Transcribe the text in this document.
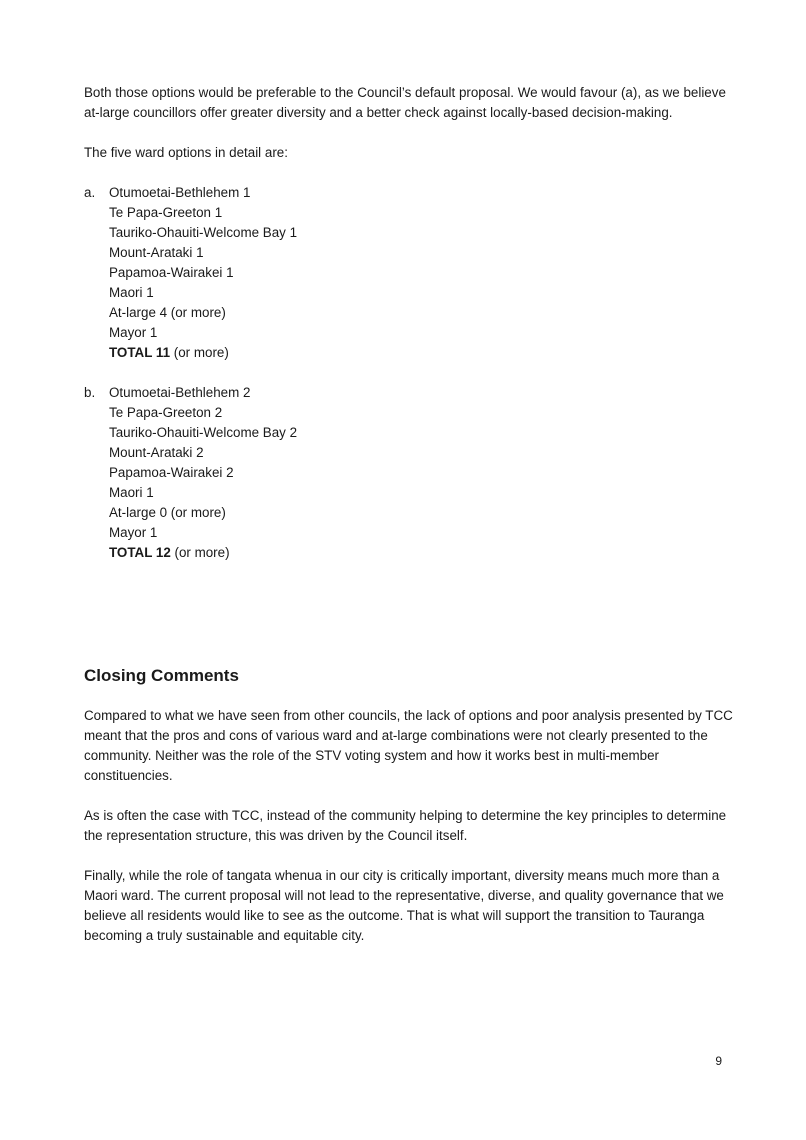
Both those options would be preferable to the Council’s default proposal. We would favour (a), as we believe at-large councillors offer greater diversity and a better check against locally-based decision-making.

The five ward options in detail are:

a.	Otumoetai-Bethlehem 1
Te Papa-Greeton 1
Tauriko-Ohauiti-Welcome Bay 1
Mount-Arataki 1
Papamoa-Wairakei 1
Maori 1
At-large 4 (or more)
Mayor 1
TOTAL 11 (or more)
b.	Otumoetai-Bethlehem 2
Te Papa-Greeton 2
Tauriko-Ohauiti-Welcome Bay 2
Mount-Arataki 2
Papamoa-Wairakei 2
Maori 1
At-large 0 (or more)
Mayor 1
TOTAL 12 (or more)
Closing Comments

Compared to what we have seen from other councils, the lack of options and poor analysis presented by TCC meant that the pros and cons of various ward and at-large combinations were not clearly presented to the community. Neither was the role of the STV voting system and how it works best in multi-member constituencies.

As is often the case with TCC, instead of the community helping to determine the key principles to determine the representation structure, this was driven by the Council itself.

Finally, while the role of tangata whenua in our city is critically important, diversity means much more than a Maori ward. The current proposal will not lead to the representative, diverse, and quality governance that we believe all residents would like to see as the outcome. That is what will support the transition to Tauranga becoming a truly sustainable and equitable city.

9
